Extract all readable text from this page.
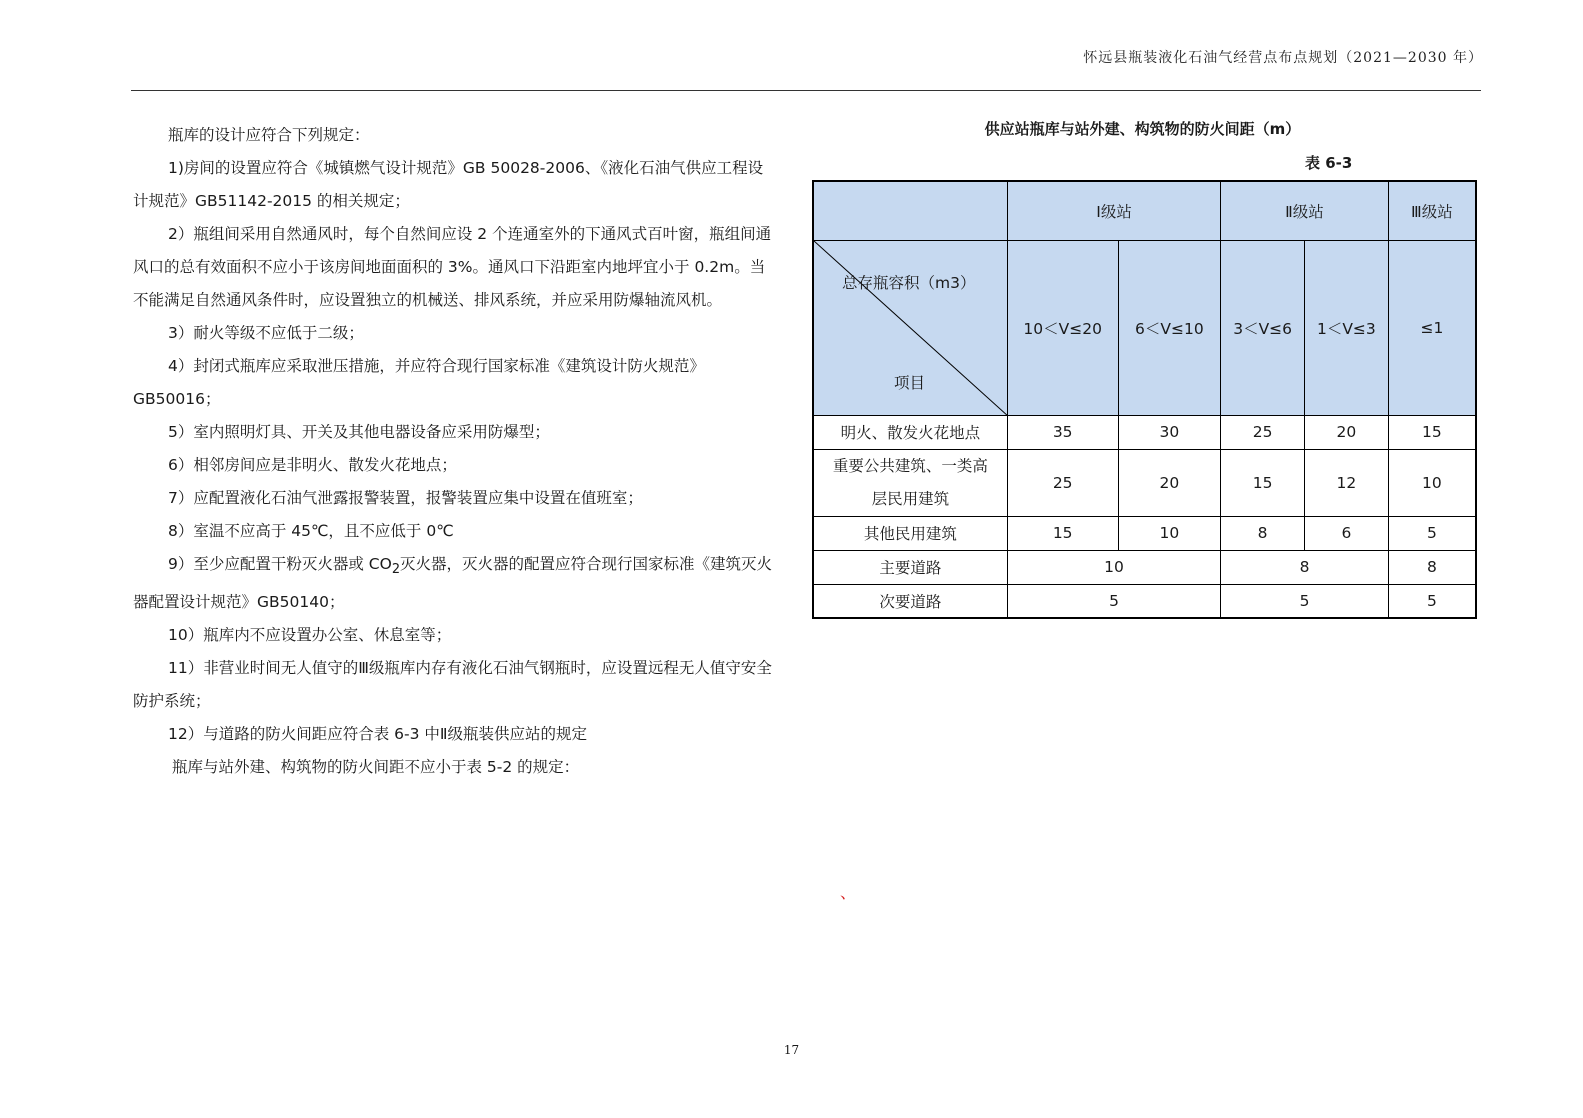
怀远县瓶装液化石油气经营点布点规划（2021—2030 年）

瓶库的设计应符合下列规定：

1)房间的设置应符合《城镇燃气设计规范》GB 50028-2006、《液化石油气供应工程设计规范》GB51142-2015 的相关规定；

2）瓶组间采用自然通风时，每个自然间应设 2 个连通室外的下通风式百叶窗，瓶组间通风口的总有效面积不应小于该房间地面面积的 3%。通风口下沿距室内地坪宜小于 0.2m。当不能满足自然通风条件时，应设置独立的机械送、排风系统，并应采用防爆轴流风机。

3）耐火等级不应低于二级；

4）封闭式瓶库应采取泄压措施，并应符合现行国家标准《建筑设计防火规范》GB50016；

5）室内照明灯具、开关及其他电器设备应采用防爆型；

6）相邻房间应是非明火、散发火花地点；

7）应配置液化石油气泄露报警装置，报警装置应集中设置在值班室；

8）室温不应高于 45℃，且不应低于 0℃

9）至少应配置干粉灭火器或 $CO_2$灭火器，灭火器的配置应符合现行国家标准《建筑灭火器配置设计规范》GB50140；

10）瓶库内不应设置办公室、休息室等；

11）非营业时间无人值守的Ⅲ级瓶库内存有液化石油气钢瓶时，应设置远程无人值守安全防护系统；

12）与道路的防火间距应符合表 6-3 中Ⅱ级瓶装供应站的规定

瓶库与站外建、构筑物的防火间距不应小于表 5-2 的规定：

供应站瓶库与站外建、构筑物的防火间距（m）
表 6-3
	Ⅰ级站		Ⅱ级站		Ⅲ级站

总存瓶容积（m3）
项目	10＜V≤20	6＜V≤10	3＜V≤6	1＜V≤3	≤1
明火、散发火花地点	35	30	25	20	15
重要公共建筑、一类高层民用建筑	25	20	15	12	10
其他民用建筑	15	10	8	6	5
主要道路	10		8		8
次要道路	5		5		5
、
17
